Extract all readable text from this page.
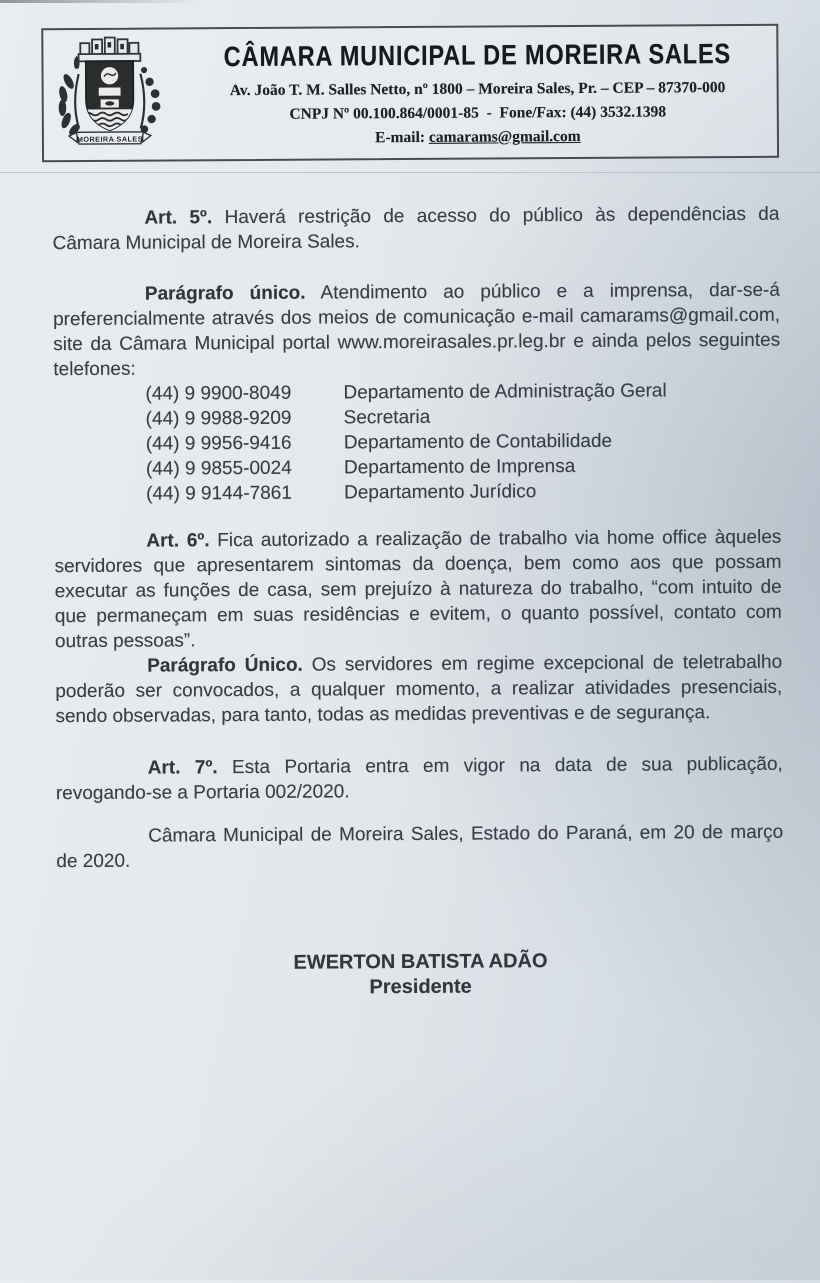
MOREIRA SALES
CÂMARA MUNICIPAL DE MOREIRA SALES
Av. João T. M. Salles Netto, nº 1800 – Moreira Sales, Pr. – CEP – 87370-000
CNPJ Nº 00.100.864/0001-85  -  Fone/Fax: (44) 3532.1398
E-mail: camarams@gmail.com

Art. 5º. Haverá restrição de acesso do público às dependências da Câmara Municipal de Moreira Sales.

Parágrafo único. Atendimento ao público e a imprensa, dar-se-á preferencialmente através dos meios de comunicação e-mail camarams@gmail.com, site da Câmara Municipal portal www.moreirasales.pr.leg.br e ainda pelos seguintes telefones:

(44) 9 9900-8049	Departamento de Administração Geral
(44) 9 9988-9209	Secretaria
(44) 9 9956-9416	Departamento de Contabilidade
(44) 9 9855-0024	Departamento de Imprensa
(44) 9 9144-7861	Departamento Jurídico

Art. 6º. Fica autorizado a realização de trabalho via home office àqueles servidores que apresentarem sintomas da doença, bem como aos que possam executar as funções de casa, sem prejuízo à natureza do trabalho, “com intuito de que permaneçam em suas residências e evitem, o quanto possível, contato com outras pessoas”.

Parágrafo Único. Os servidores em regime excepcional de teletrabalho poderão ser convocados, a qualquer momento, a realizar atividades presenciais, sendo observadas, para tanto, todas as medidas preventivas e de segurança.

Art. 7º. Esta Portaria entra em vigor na data de sua publicação, revogando-se a Portaria 002/2020.

Câmara Municipal de Moreira Sales, Estado do Paraná, em 20 de março de 2020.

EWERTON BATISTA ADÃO
Presidente
